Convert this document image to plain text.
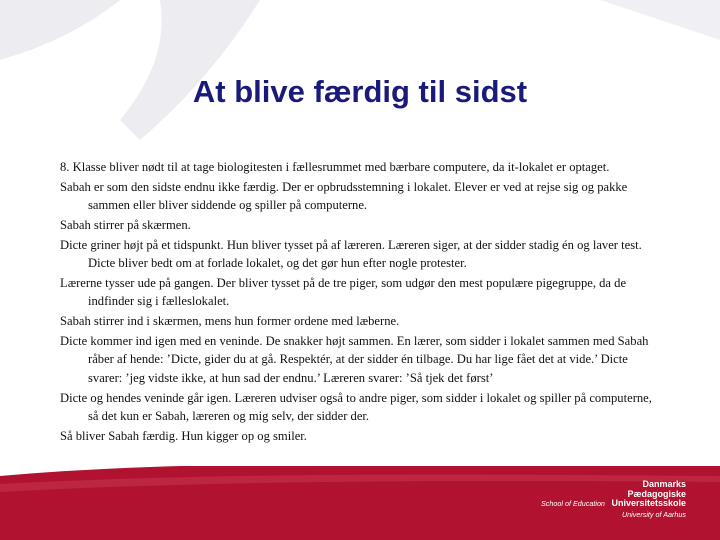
At blive færdig til sidst

8. Klasse bliver nødt til at tage biologitesten i fællesrummet med bærbare computere, da it-lokalet er optaget.

Sabah er som den sidste endnu ikke færdig. Der er opbrudsstemning i lokalet. Elever er ved at rejse sig og pakke sammen eller bliver siddende og spiller på computerne.

Sabah stirrer på skærmen.

Dicte griner højt på et tidspunkt. Hun bliver tysset på af læreren. Læreren siger, at der sidder stadig én og laver test. Dicte bliver bedt om at forlade lokalet, og det gør hun efter nogle protester.

Lærerne tysser ude på gangen. Der bliver tysset på de tre piger, som udgør den mest populære pigegruppe, da de indfinder sig i fælleslokalet.

Sabah stirrer ind i skærmen, mens hun former ordene med læberne.

Dicte kommer ind igen med en veninde. De snakker højt sammen. En lærer, som sidder i lokalet sammen med Sabah råber af hende: ’Dicte, gider du at gå. Respektér, at der sidder én tilbage. Du har lige fået det at vide.’ Dicte svarer: ’jeg vidste ikke, at hun sad der endnu.’ Læreren svarer: ’Så tjek det først’

Dicte og hendes veninde går igen. Læreren udviser også to andre piger, som sidder i lokalet og spiller på computerne, så det kun er Sabah, læreren og mig selv, der sidder der.

Så bliver Sabah færdig. Hun kigger op og smiler.

Danmarks
Pædagogiske
School of Education Universitetsskole
University of Aarhus
